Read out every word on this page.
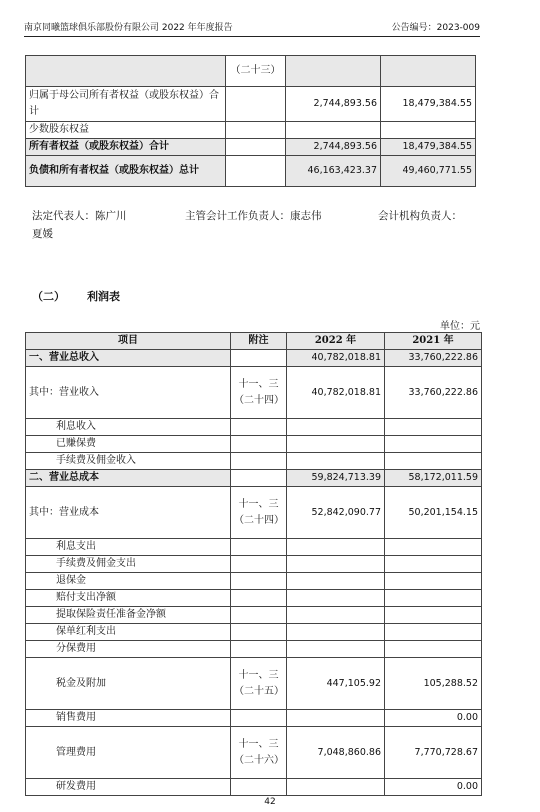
南京同曦篮球俱乐部股份有限公司 2022 年年度报告	公告编号：2023-009
	（二十三）		
归属于母公司所有者权益（或股东权益）合计		2,744,893.56	18,479,384.55
少数股东权益			
所有者权益（或股东权益）合计		2,744,893.56	18,479,384.55
负债和所有者权益（或股东权益）总计		46,163,423.37	49,460,771.55
法定代表人：陈广川
夏媛
主管会计工作负责人：康志伟	会计机构负责人：
（二） 利润表
单位：元
项目	附注	2022 年	2021 年
一、营业总收入		40,782,018.81	33,760,222.86
其中：营业收入	十一、三（二十四）	40,782,018.81	33,760,222.86
利息收入			
已赚保费			
手续费及佣金收入			
二、营业总成本		59,824,713.39	58,172,011.59
其中：营业成本	十一、三（二十四）	52,842,090.77	50,201,154.15
利息支出			
手续费及佣金支出			
退保金			
赔付支出净额			
提取保险责任准备金净额			
保单红利支出			
分保费用			
税金及附加	十一、三（二十五）	447,105.92	105,288.52
销售费用			0.00
管理费用	十一、三（二十六）	7,048,860.86	7,770,728.67
研发费用			0.00
42
